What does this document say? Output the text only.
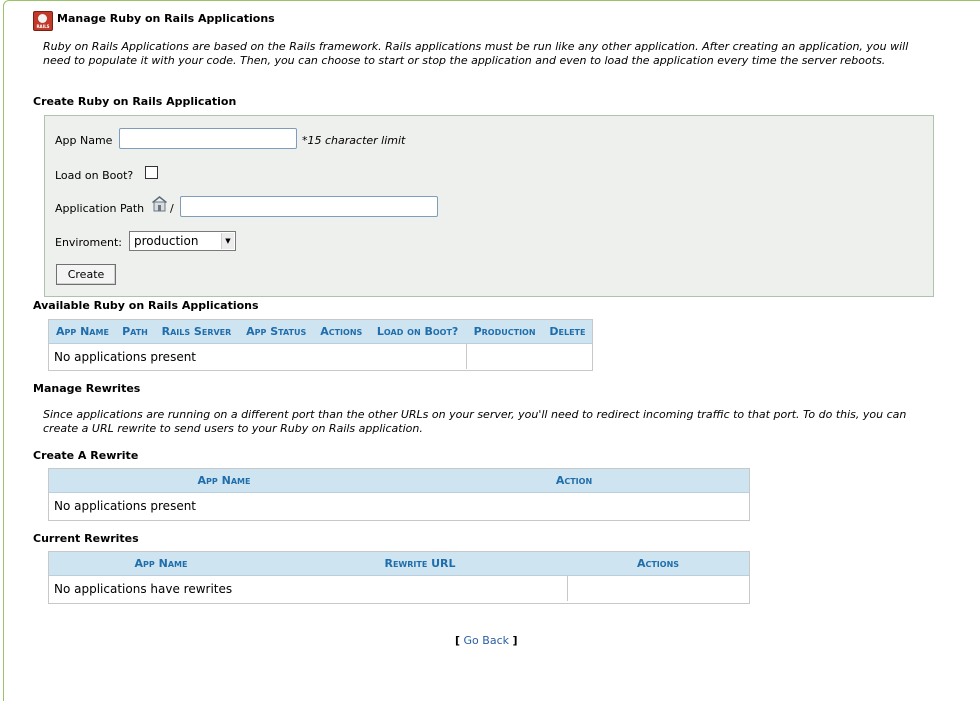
RAILS
Manage Ruby on Rails Applications
Ruby on Rails Applications are based on the Rails framework. Rails applications must be run like any other application. After creating an application, you will need to populate it with your code. Then, you can choose to start or stop the application and even to load the application every time the server reboots.
Create Ruby on Rails Application
App Name	*15 character limit
Load on Boot?
Application Path /
Enviroment:	production	▼
Create
Available Ruby on Rails Applications
App Name	Path	Rails Server	App Status	Actions	Load on Boot?	Production	Delete
No applications present							
Manage Rewrites
Since applications are running on a different port than the other URLs on your server, you'll need to redirect incoming traffic to that port. To do this, you can create a URL rewrite to send users to your Ruby on Rails application.
Create A Rewrite
App Name	Action
No applications present
Current Rewrites
App Name	Rewrite URL	Actions
No applications have rewrites		
[ Go Back ]
